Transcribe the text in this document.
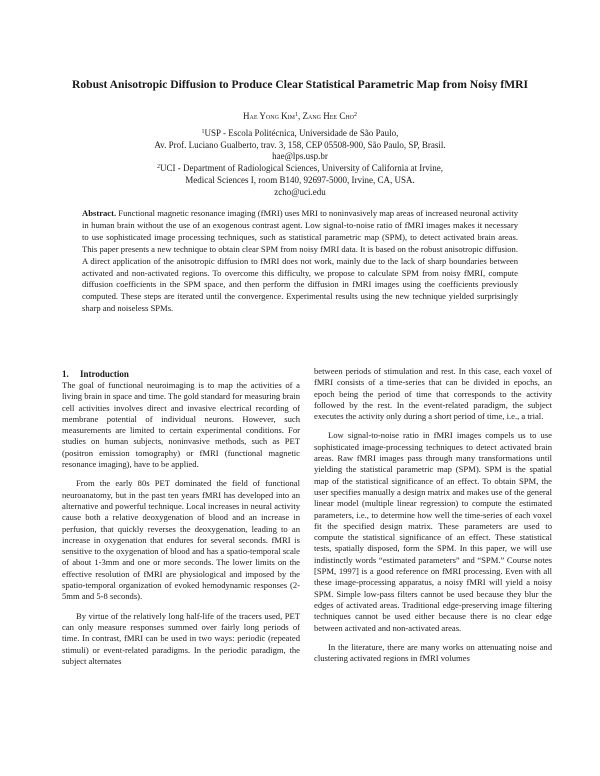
Robust Anisotropic Diffusion to Produce Clear Statistical Parametric Map from Noisy fMRI
Hae Yong Kim$^1$, Zang Hee Cho$^2$
$^1$USP - Escola Politécnica, Universidade de São Paulo,
Av. Prof. Luciano Gualberto, trav. 3, 158, CEP 05508-900, São Paulo, SP, Brasil.
hae@lps.usp.br
$^2$UCI - Department of Radiological Sciences, University of California at Irvine,
Medical Sciences I, room B140, 92697-5000, Irvine, CA, USA.
zcho@uci.edu
Abstract. Functional magnetic resonance imaging (fMRI) uses MRI to noninvasively map areas of increased neuronal activity in human brain without the use of an exogenous contrast agent. Low signal-to-noise ratio of fMRI images makes it necessary to use sophisticated image processing techniques, such as statistical parametric map (SPM), to detect activated brain areas. This paper presents a new technique to obtain clear SPM from noisy fMRI data. It is based on the robust anisotropic diffusion. A direct application of the anisotropic diffusion to fMRI does not work, mainly due to the lack of sharp boundaries between activated and non-activated regions. To overcome this difficulty, we propose to calculate SPM from noisy fMRI, compute diffusion coefficients in the SPM space, and then perform the diffusion in fMRI images using the coefficients previously computed. These steps are iterated until the convergence. Experimental results using the new technique yielded surprisingly sharp and noiseless SPMs.
1. Introduction

The goal of functional neuroimaging is to map the activities of a living brain in space and time. The gold standard for measuring brain cell activities involves direct and invasive electrical recording of membrane potential of individual neurons. However, such measurements are limited to certain experimental conditions. For studies on human subjects, noninvasive methods, such as PET (positron emission tomography) or fMRI (functional magnetic resonance imaging), have to be applied.

From the early 80s PET dominated the field of functional neuroanatomy, but in the past ten years fMRI has developed into an alternative and powerful technique. Local increases in neural activity cause both a relative deoxygenation of blood and an increase in perfusion, that quickly reverses the deoxygenation, leading to an increase in oxygenation that endures for several seconds. fMRI is sensitive to the oxygenation of blood and has a spatio-temporal scale of about 1-3mm and one or more seconds. The lower limits on the effective resolution of fMRI are physiological and imposed by the spatio-temporal organization of evoked hemodynamic responses (2-5mm and 5-8 seconds).

By virtue of the relatively long half-life of the tracers used, PET can only measure responses summed over fairly long periods of time. In contrast, fMRI can be used in two ways: periodic (repeated stimuli) or event-related paradigms. In the periodic paradigm, the subject alternates

between periods of stimulation and rest. In this case, each voxel of fMRI consists of a time-series that can be divided in epochs, an epoch being the period of time that corresponds to the activity followed by the rest. In the event-related paradigm, the subject executes the activity only during a short period of time, i.e., a trial.

Low signal-to-noise ratio in fMRI images compels us to use sophisticated image-processing techniques to detect activated brain areas. Raw fMRI images pass through many transformations until yielding the statistical parametric map (SPM). SPM is the spatial map of the statistical significance of an effect. To obtain SPM, the user specifies manually a design matrix and makes use of the general linear model (multiple linear regression) to compute the estimated parameters, i.e., to determine how well the time-series of each voxel fit the specified design matrix. These parameters are used to compute the statistical significance of an effect. These statistical tests, spatially disposed, form the SPM. In this paper, we will use indistinctly words “estimated parameters” and “SPM.” Course notes [SPM, 1997] is a good reference on fMRI processing. Even with all these image-processing apparatus, a noisy fMRI will yield a noisy SPM. Simple low-pass filters cannot be used because they blur the edges of activated areas. Traditional edge-preserving image filtering techniques cannot be used either because there is no clear edge between activated and non-activated areas.

In the literature, there are many works on attenuating noise and clustering activated regions in fMRI volumes
